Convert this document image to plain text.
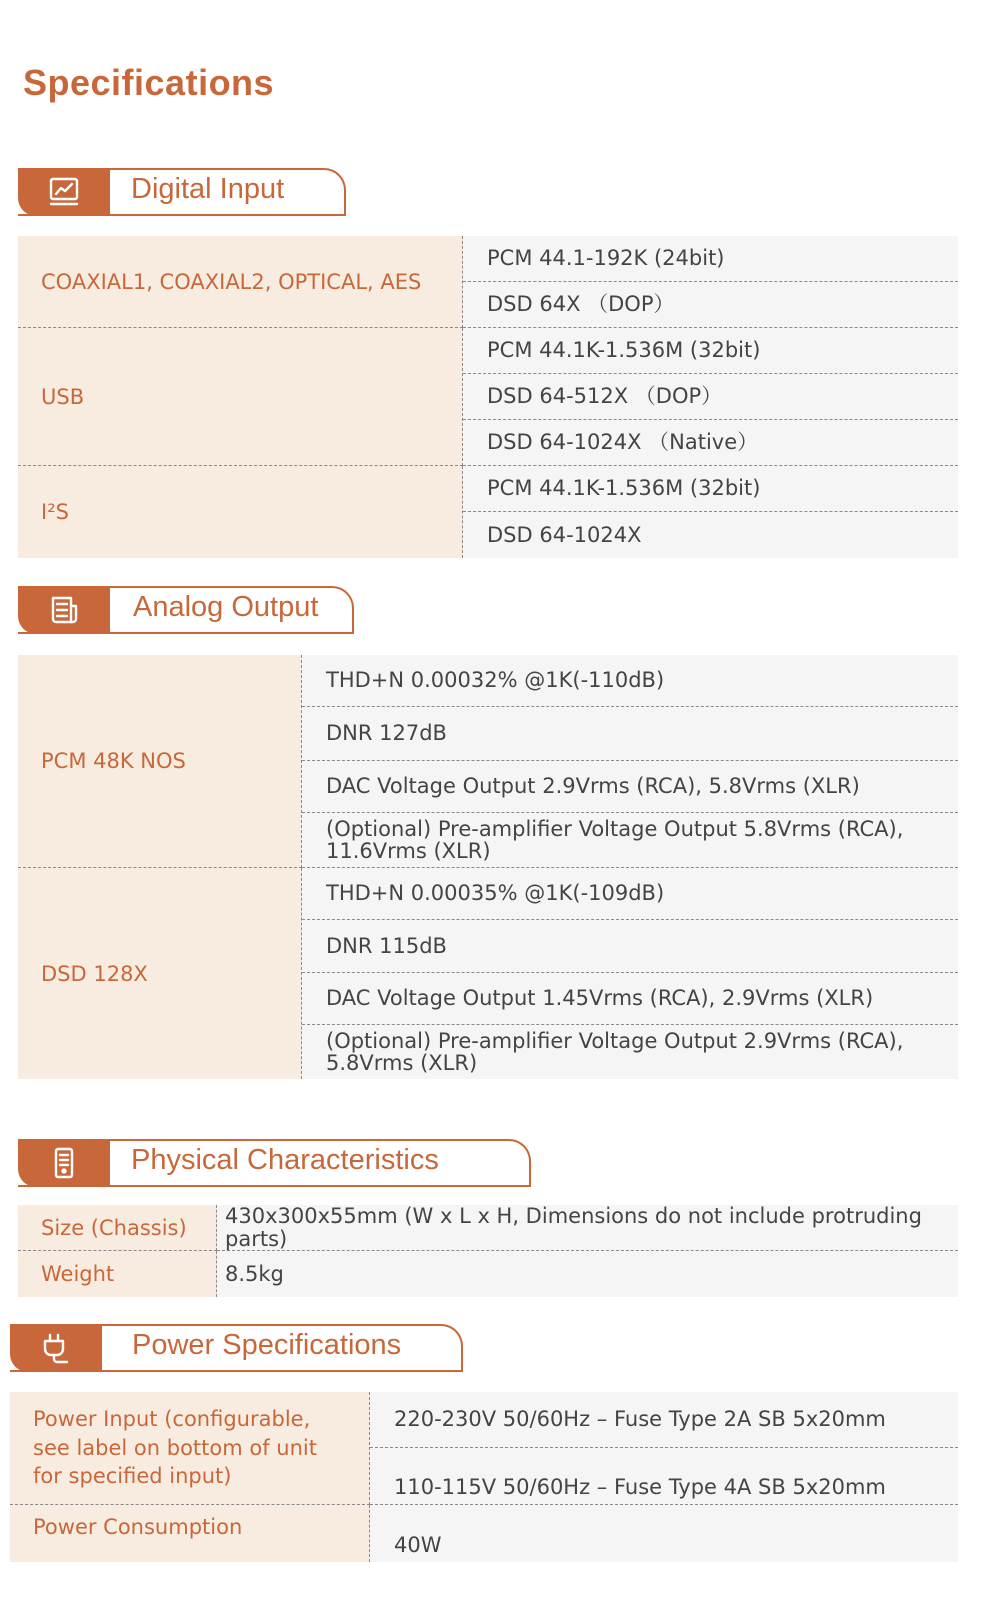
Specifications
Digital Input
COAXIAL1, COAXIAL2, OPTICAL, AES
USB
I²S
PCM 44.1-192K (24bit)
DSD 64X （DOP）
PCM 44.1K-1.536M (32bit)
DSD 64-512X （DOP）
DSD 64-1024X （Native）
PCM 44.1K-1.536M (32bit)
DSD 64-1024X
Analog Output
PCM 48K NOS
DSD 128X
THD+N 0.00032% @1K(-110dB)
DNR 127dB
DAC Voltage Output 2.9Vrms (RCA), 5.8Vrms (XLR)
(Optional) Pre-amplifier Voltage Output 5.8Vrms (RCA), 11.6Vrms (XLR)
THD+N 0.00035% @1K(-109dB)
DNR 115dB
DAC Voltage Output 1.45Vrms (RCA), 2.9Vrms (XLR)
(Optional) Pre-amplifier Voltage Output 2.9Vrms (RCA), 5.8Vrms (XLR)
Physical Characteristics
Size (Chassis)
Weight
430x300x55mm (W x L x H, Dimensions do not include protruding parts)
8.5kg
Power Specifications
Power Input (configurable, see label on bottom of unit for specified input)
Power Consumption
220-230V 50/60Hz – Fuse Type 2A SB 5x20mm
110-115V 50/60Hz – Fuse Type 4A SB 5x20mm
40W
